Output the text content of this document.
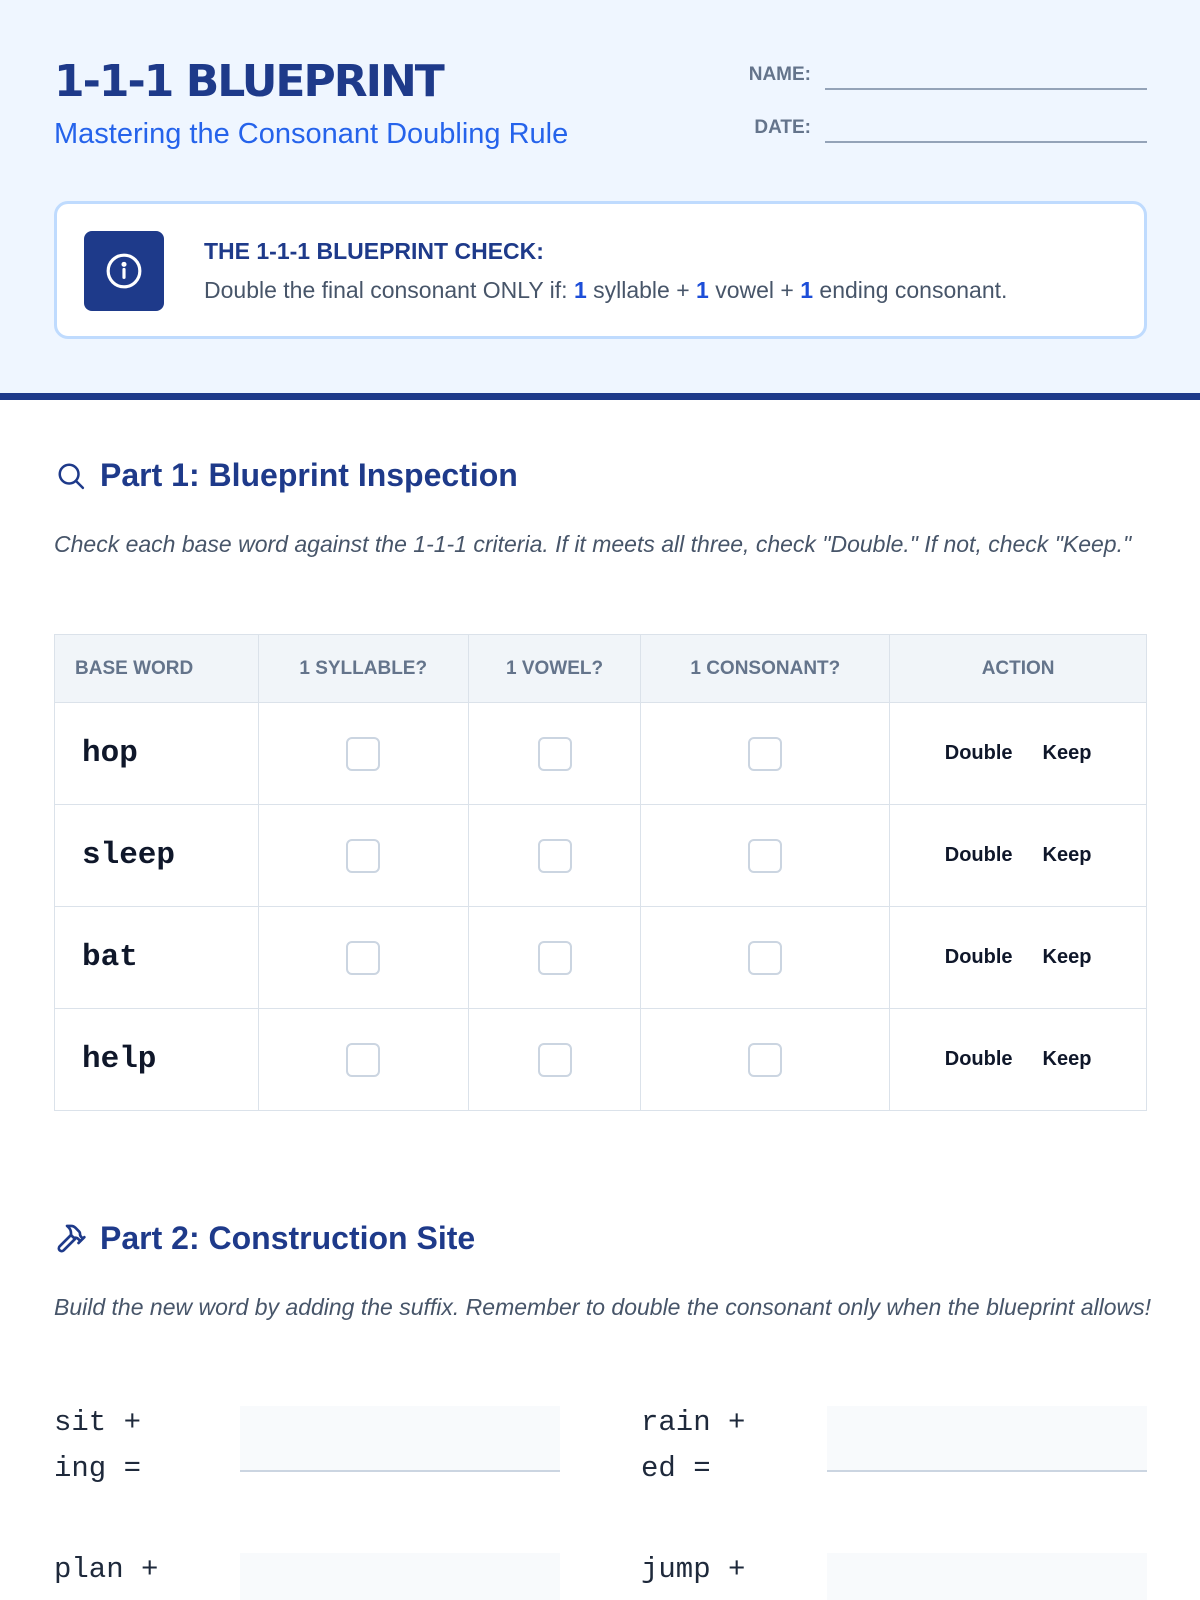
1-1-1 BLUEPRINT
Mastering the Consonant Doubling Rule
NAME:
DATE:
THE 1-1-1 BLUEPRINT CHECK:
Double the final consonant ONLY if: 1 syllable + 1 vowel + 1 ending consonant.
Part 1: Blueprint Inspection
Check each base word against the 1-1-1 criteria. If it meets all three, check "Double." If not, check "Keep."
BASE WORD	1 SYLLABLE?	1 VOWEL?	1 CONSONANT?	ACTION
hop				Double Keep

sleep				Double Keep

bat				Double Keep

help				Double Keep
Part 2: Construction Site
Build the new word by adding the suffix. Remember to double the consonant only when the blueprint allows!
sit +
ing =
rain +
ed =
plan +	jump +
